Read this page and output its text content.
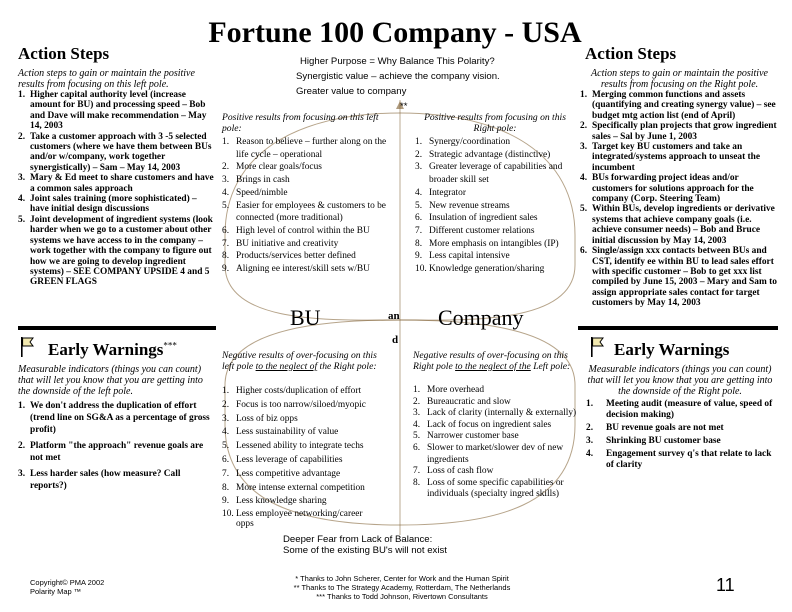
Fortune 100 Company - USA
Action Steps
Action steps to gain or maintain the positive results from focusing on this left pole.
1. Higher capital authority level (increase amount for BU) and processing speed – Bob and Dave will make recommendation – May 14, 2003
2. Take a customer approach with 3 -5 selected customers (where we have them between BUs and/or w/company, work together synergistically) – Sam – May 14, 2003
3. Mary & Ed meet to share customers and have a common sales approach
4. Joint sales training (more sophisticated) – have initial design discussions
5. Joint development of ingredient systems (look harder when we go to a customer about other systems we have access to in the company – work together with the company to figure out how we are going to develop ingredient systems) – SEE COMPANY UPSIDE 4 and 5 GREEN FLAGS
Action Steps
Action steps to gain or maintain the positive results from focusing on the Right pole.
1. Merging common functions and assets (quantifying and creating synergy value) – see budget mtg action list (end of April)
2. Specifically plan projects that grow ingredient sales – Sal by June 1, 2003
3. Target key BU customers and take an integrated/systems approach to unseat the incumbent
4. BUs forwarding project ideas and/or customers for solutions approach for the company (Corp. Steering Team)
5. Within BUs, develop ingredients or derivative systems that achieve company goals (i.e. achieve consumer needs) – Bob and Bruce initial discussion by May 14, 2003
6. Single/assign xxx contacts between BUs and CST, identify ee within BU to lead sales effort with specific customer – Bob to get xxx list compiled by June 15, 2003 – Mary and Sam to assign appropriate sales contact for target customers by May 14, 2003
Higher Purpose = Why Balance This Polarity?
Synergistic value – achieve the company vision.
Greater value to company
**
Positive results from focusing on this left pole:
1. Reason to believe – further along on the life cycle – operational
2. More clear goals/focus
3. Brings in cash
4. Speed/nimble
5. Easier for employees & customers to be connected (more traditional)
6. High level of control within the BU
7. BU initiative and creativity
8. Products/services better defined
9. Aligning ee interest/skill sets w/BU
Positive results from focusing on this Right pole:
1. Synergy/coordination
2. Strategic advantage (distinctive)
3. Greater leverage of capabilities and broader skill set
4. Integrator
5. New revenue streams
6. Insulation of ingredient sales
7. Different customer relations
8. More emphasis on intangibles (IP)
9. Less capital intensive
10. Knowledge generation/sharing
BU	an
d
Company
Negative results of over-focusing on this left pole to the neglect of the Right pole:
1. Higher costs/duplication of effort
2. Focus is too narrow/siloed/myopic
3. Loss of biz opps
4. Less sustainability of value
5. Lessened ability to integrate techs
6. Less leverage of capabilities
7. Less competitive advantage
8. More intense external competition
9. Less knowledge sharing
10. Less employee networking/career opps
Negative results of over-focusing on this Right pole to the neglect of the Left pole:
1. More overhead
2. Bureaucratic and slow
3. Lack of clarity (internally & externally)
4. Lack of focus on ingredient sales
5. Narrower customer base
6. Slower to market/slower dev of new ingredients
7. Loss of cash flow
8. Loss of some specific capabilities or individuals (specialty ingred skills)
Deeper Fear from Lack of Balance:
Some of the existing BU's will not exist
Early Warnings***
Measurable indicators (things you can count) that will let you know that you are getting into the downside of the left pole.
1. We don't address the duplication of effort (trend line on SG&A as a percentage of gross profit)
2. Platform "the approach" revenue goals are not met
3. Less harder sales (how measure? Call reports?)
Early Warnings
Measurable indicators (things you can count) that will let you know that you are getting into the downside of the Right pole.
1.	Meeting audit (measure of value, speed of decision making)
2.	BU revenue goals are not met
3.	Shrinking BU customer base
4.	Engagement survey q's that relate to lack of clarity
Copyright© PMA 2002
Polarity Map ™
* Thanks to John Scherer, Center for Work and the Human Spirit
** Thanks to The Strategy Academy, Rotterdam, The Netherlands
*** Thanks to Todd Johnson, Rivertown Consultants
11
